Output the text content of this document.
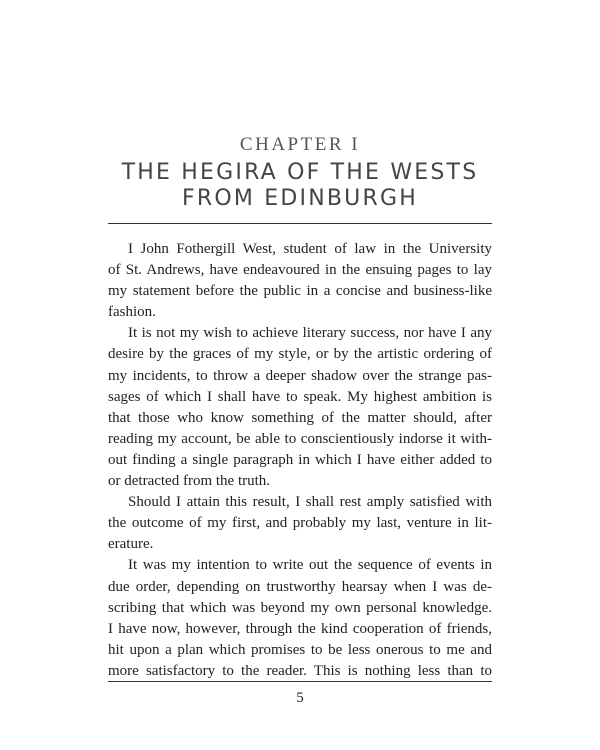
CHAPTER I
THE HEGIRA OF THE WESTS
FROM EDINBURGH
I John Fothergill West, student of law in the University
of St. Andrews, have endeavoured in the ensuing pages to lay
my statement before the public in a concise and business-like
fashion.
It is not my wish to achieve literary success, nor have I any
desire by the graces of my style, or by the artistic ordering of
my incidents, to throw a deeper shadow over the strange pas-
sages of which I shall have to speak. My highest ambition is
that those who know something of the matter should, after
reading my account, be able to conscientiously indorse it with-
out finding a single paragraph in which I have either added to
or detracted from the truth.
Should I attain this result, I shall rest amply satisfied with
the outcome of my first, and probably my last, venture in lit-
erature.
It was my intention to write out the sequence of events in
due order, depending on trustworthy hearsay when I was de-
scribing that which was beyond my own personal knowledge.
I have now, however, through the kind cooperation of friends,
hit upon a plan which promises to be less onerous to me and
more satisfactory to the reader. This is nothing less than to
5
